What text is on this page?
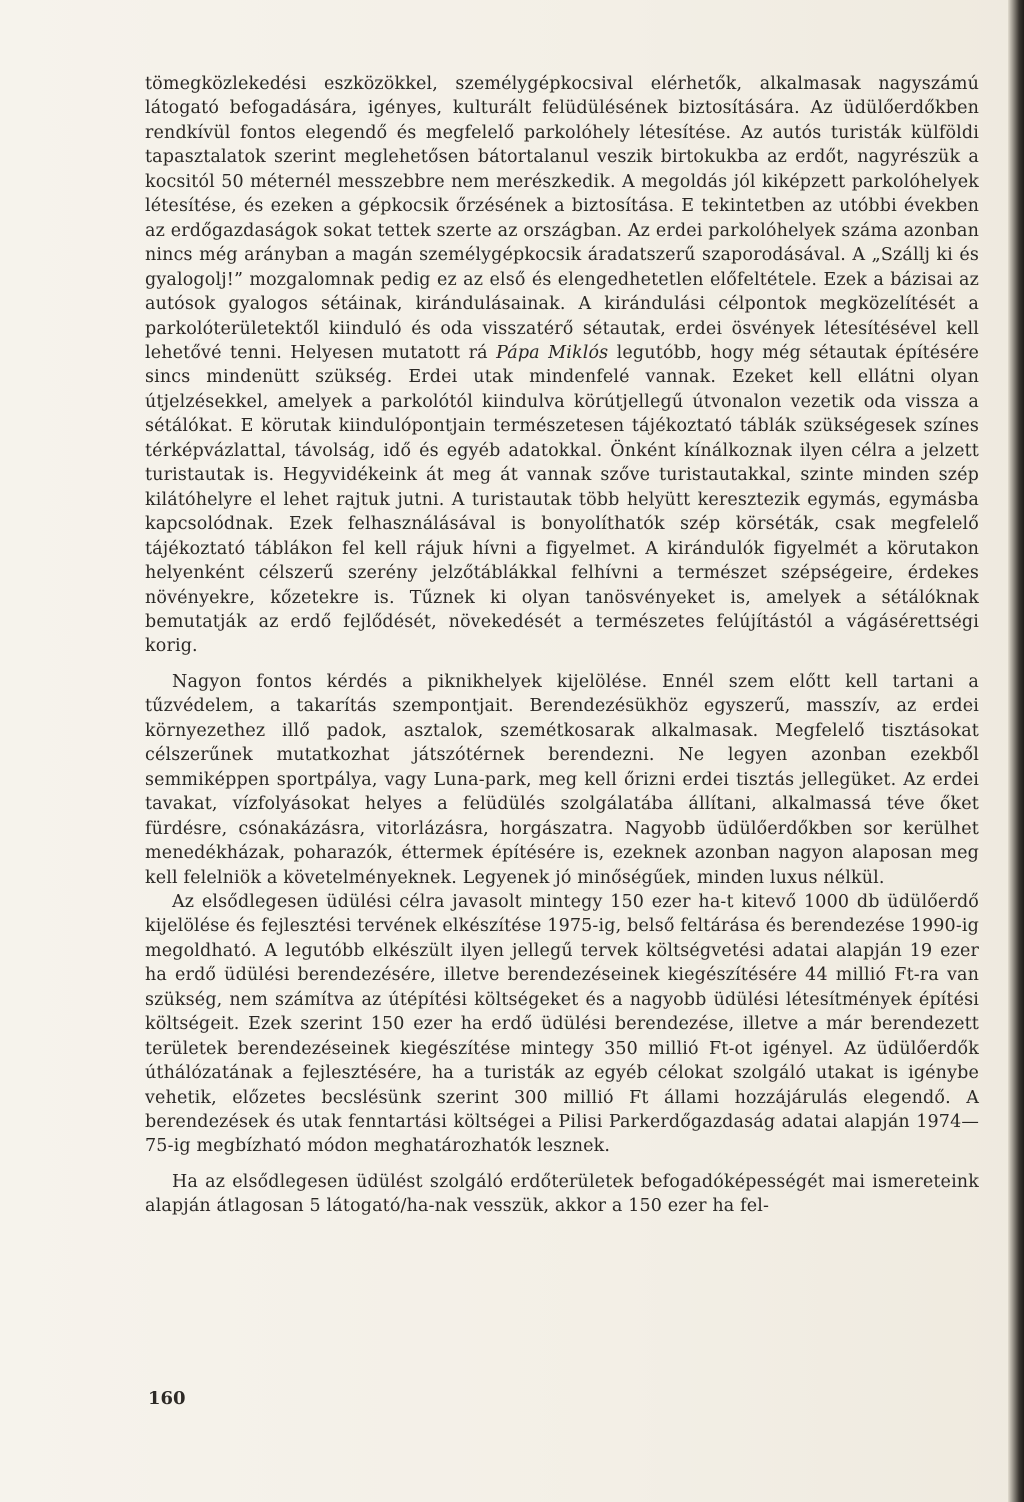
tömegközlekedési eszközökkel, személygépkocsival elérhetők, alkalmasak nagyszámú látogató befogadására, igényes, kulturált felüdülésének biztosítására. Az üdülőerdőkben rendkívül fontos elegendő és megfelelő parkolóhely létesítése. Az autós turisták külföldi tapasztalatok szerint meglehetősen bátortalanul veszik birtokukba az erdőt, nagyrészük a kocsitól 50 méternél messzebbre nem merészkedik. A megoldás jól kiképzett parkolóhelyek létesítése, és ezeken a gépkocsik őrzésének a biztosítása. E tekintetben az utóbbi években az erdőgazdaságok sokat tettek szerte az országban. Az erdei parkolóhelyek száma azonban nincs még arányban a magán személygépkocsik áradatszerű szaporodásával. A „Szállj ki és gyalogolj!” mozgalomnak pedig ez az első és elengedhetetlen előfeltétele. Ezek a bázisai az autósok gyalogos sétáinak, kirándulásainak. A kirándulási célpontok megközelítését a parkolóterületektől kiinduló és oda visszatérő sétautak, erdei ösvények létesítésével kell lehetővé tenni. Helyesen mutatott rá Pápa Miklós legutóbb, hogy még sétautak építésére sincs mindenütt szükség. Erdei utak mindenfelé vannak. Ezeket kell ellátni olyan útjelzésekkel, amelyek a parkolótól kiindulva körútjellegű útvonalon vezetik oda vissza a sétálókat. E körutak kiindulópontjain természetesen tájékoztató táblák szükségesek színes térképvázlattal, távolság, idő és egyéb adatokkal. Önként kínálkoznak ilyen célra a jelzett turistautak is. Hegyvidékeink át meg át vannak szőve turistautakkal, szinte minden szép kilátóhelyre el lehet rajtuk jutni. A turistautak több helyütt keresztezik egymás, egymásba kapcsolódnak. Ezek felhasználásával is bonyolíthatók szép körséták, csak megfelelő tájékoztató táblákon fel kell rájuk hívni a figyelmet. A kirándulók figyelmét a körutakon helyenként célszerű szerény jelzőtáblákkal felhívni a természet szépségeire, érdekes növényekre, kőzetekre is. Tűznek ki olyan tanösvényeket is, amelyek a sétálóknak bemutatják az erdő fejlődését, növekedését a természetes felújítástól a vágásérettségi korig.

Nagyon fontos kérdés a piknikhelyek kijelölése. Ennél szem előtt kell tartani a tűzvédelem, a takarítás szempontjait. Berendezésükhöz egyszerű, masszív, az erdei környezethez illő padok, asztalok, szemétkosarak alkalmasak. Megfelelő tisztásokat célszerűnek mutatkozhat játszótérnek berendezni. Ne legyen azonban ezekből semmiképpen sportpálya, vagy Luna-park, meg kell őrizni erdei tisztás jellegüket. Az erdei tavakat, vízfolyásokat helyes a felüdülés szolgálatába állítani, alkalmassá téve őket fürdésre, csónakázásra, vitorlázásra, horgászatra. Nagyobb üdülőerdőkben sor kerülhet menedékházak, poharazók, éttermek építésére is, ezeknek azonban nagyon alaposan meg kell felelniök a követelményeknek. Legyenek jó minőségűek, minden luxus nélkül.

Az elsődlegesen üdülési célra javasolt mintegy 150 ezer ha-t kitevő 1000 db üdülőerdő kijelölése és fejlesztési tervének elkészítése 1975-ig, belső feltárása és berendezése 1990-ig megoldható. A legutóbb elkészült ilyen jellegű tervek költségvetési adatai alapján 19 ezer ha erdő üdülési berendezésére, illetve berendezéseinek kiegészítésére 44 millió Ft-ra van szükség, nem számítva az útépítési költségeket és a nagyobb üdülési létesítmények építési költségeit. Ezek szerint 150 ezer ha erdő üdülési berendezése, illetve a már berendezett területek berendezéseinek kiegészítése mintegy 350 millió Ft-ot igényel. Az üdülőerdők úthálózatának a fejlesztésére, ha a turisták az egyéb célokat szolgáló utakat is igénybe vehetik, előzetes becslésünk szerint 300 millió Ft állami hozzájárulás elegendő. A berendezések és utak fenntartási költségei a Pilisi Parkerdőgazdaság adatai alapján 1974—75-ig megbízható módon meghatározhatók lesznek.

Ha az elsődlegesen üdülést szolgáló erdőterületek befogadóképességét mai ismereteink alapján átlagosan 5 látogató/ha-nak vesszük, akkor a 150 ezer ha fel-

160
